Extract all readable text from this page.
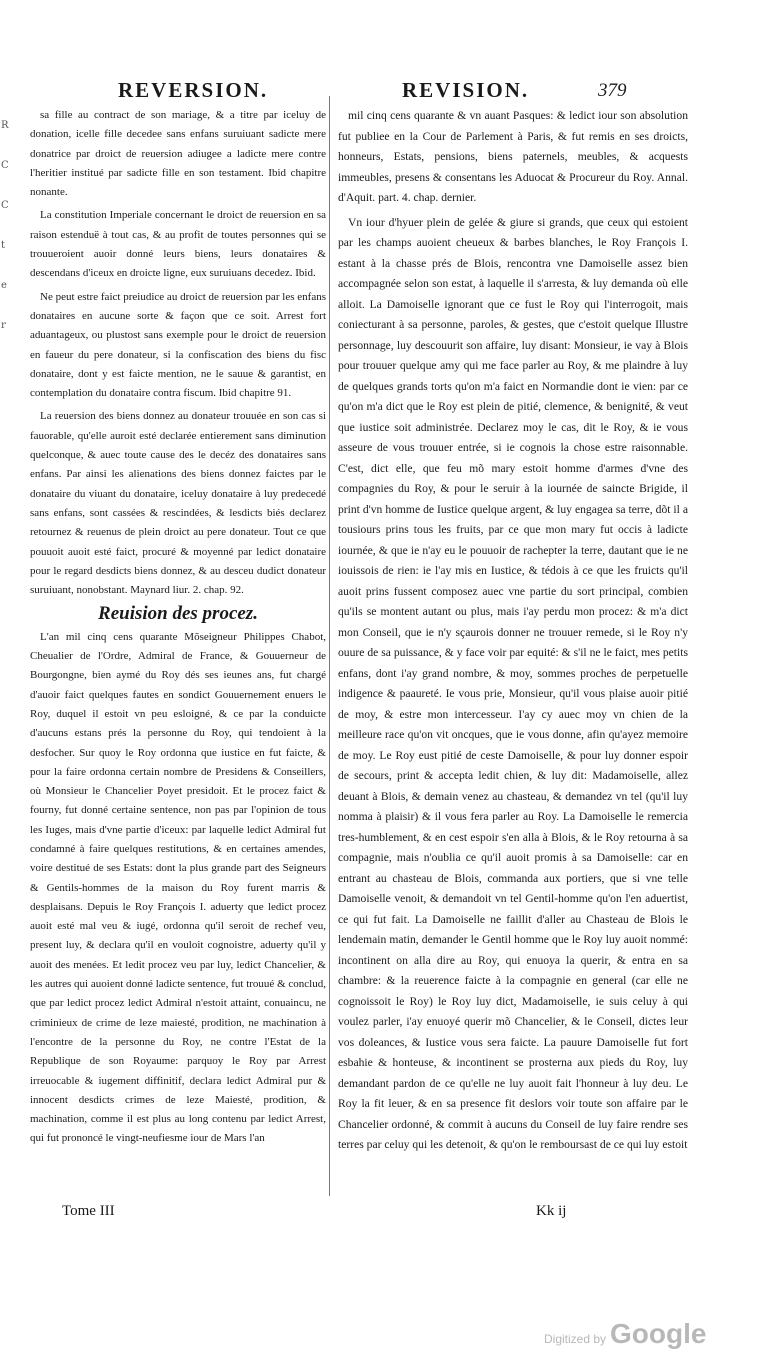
R
C
C
t
e
r
REVERSION.	REVISION.	379

sa fille au contract de son mariage, & a titre par iceluy de donation, icelle fille decedee sans enfans suruiuant sadicte mere donatrice par droict de reuersion adiugee a ladicte mere contre l'heritier institué par sadicte fille en son testament. Ibid chapitre nonante.

La constitution Imperiale concernant le droict de reuersion en sa raison estenduë à tout cas, & au profit de toutes personnes qui se trouueroient auoir donné leurs biens, leurs donataires & descendans d'iceux en droicte ligne, eux suruiuans decedez. Ibid.

Ne peut estre faict preiudice au droict de reuersion par les enfans donataires en aucune sorte & façon que ce soit. Arrest fort aduantageux, ou plustost sans exemple pour le droict de reuersion en faueur du pere donateur, si la confiscation des biens du fisc donataire, dont y est faicte mention, ne le sauue & garantist, en contemplation du donataire contra fiscum. Ibid chapitre 91.

La reuersion des biens donnez au donateur trouuée en son cas si fauorable, qu'elle auroit esté declarée entierement sans diminution quelconque, & auec toute cause des le decéz des donataires sans enfans. Par ainsi les alienations des biens donnez faictes par le donataire du viuant du donataire, iceluy donataire à luy predecedé sans enfans, sont cassées & rescindées, & lesdicts biés declarez retournez & reuenus de plein droict au pere donateur. Tout ce que pouuoit auoit esté faict, procuré & moyenné par ledict donataire pour le regard desdicts biens donnez, & au desceu dudict donateur suruiuant, nonobstant. Maynard liur. 2. chap. 92.

Reuision des procez.

L'an mil cinq cens quarante Mõseigneur Philippes Chabot, Cheualier de l'Ordre, Admiral de France, & Gouuerneur de Bourgongne, bien aymé du Roy dés ses ieunes ans, fut chargé d'auoir faict quelques fautes en sondict Gouuernement enuers le Roy, duquel il estoit vn peu esloigné, & ce par la conduicte d'aucuns estans prés la personne du Roy, qui tendoient à la desfocher. Sur quoy le Roy ordonna que iustice en fut faicte, & pour la faire ordonna certain nombre de Presidens & Conseillers, où Monsieur le Chancelier Poyet presidoit. Et le procez faict & fourny, fut donné certaine sentence, non pas par l'opinion de tous les Iuges, mais d'vne partie d'iceux: par laquelle ledict Admiral fut condamné à faire quelques restitutions, & en certaines amendes, voire destitué de ses Estats: dont la plus grande part des Seigneurs & Gentils-hommes de la maison du Roy furent marris & desplaisans. Depuis le Roy François I. aduerty que ledict procez auoit esté mal veu & iugé, ordonna qu'il seroit de rechef veu, present luy, & declara qu'il en vouloit cognoistre, aduerty qu'il y auoit des menées. Et ledit procez veu par luy, ledict Chancelier, & les autres qui auoient donné ladicte sentence, fut trouué & conclud, que par ledict procez ledict Admiral n'estoit attaint, conuaincu, ne criminieux de crime de leze maiesté, prodition, ne machination à l'encontre de la personne du Roy, ne contre l'Estat de la Republique de son Royaume: parquoy le Roy par Arrest irreuocable & iugement diffinitif, declara ledict Admiral pur & innocent desdicts crimes de leze Maiesté, prodition, & machination, comme il est plus au long contenu par ledict Arrest, qui fut prononcé le vingt-neufiesme iour de Mars l'an

mil cinq cens quarante & vn auant Pasques: & ledict iour son absolution fut publiee en la Cour de Parlement à Paris, & fut remis en ses droicts, honneurs, Estats, pensions, biens paternels, meubles, & acquests immeubles, presens & consentans les Aduocat & Procureur du Roy. Annal. d'Aquit. part. 4. chap. dernier.

Vn iour d'hyuer plein de gelée & giure si grands, que ceux qui estoient par les champs auoient cheueux & barbes blanches, le Roy François I. estant à la chasse prés de Blois, rencontra vne Damoiselle assez bien accompagnée selon son estat, à laquelle il s'arresta, & luy demanda où elle alloit. La Damoiselle ignorant que ce fust le Roy qui l'interrogoit, mais coniecturant à sa personne, paroles, & gestes, que c'estoit quelque Illustre personnage, luy descouurit son affaire, luy disant: Monsieur, ie vay à Blois pour trouuer quelque amy qui me face parler au Roy, & me plaindre à luy de quelques grands torts qu'on m'a faict en Normandie dont ie vien: par ce qu'on m'a dict que le Roy est plein de pitié, clemence, & benignité, & veut que iustice soit administrée. Declarez moy le cas, dit le Roy, & ie vous asseure de vous trouuer entrée, si ie cognois la chose estre raisonnable. C'est, dict elle, que feu mõ mary estoit homme d'armes d'vne des compagnies du Roy, & pour le seruir à la iournée de saincte Brigide, il print d'vn homme de Iustice quelque argent, & luy engagea sa terre, dõt il a tousiours prins tous les fruits, par ce que mon mary fut occis à ladicte iournée, & que ie n'ay eu le pouuoir de rachepter la terre, dautant que ie ne iouissois de rien: ie l'ay mis en Iustice, & tédois à ce que les fruicts qu'il auoit prins fussent composez auec vne partie du sort principal, combien qu'ils se montent autant ou plus, mais i'ay perdu mon procez: & m'a dict mon Conseil, que ie n'y sçaurois donner ne trouuer remede, si le Roy n'y ouure de sa puissance, & y face voir par equité: & s'il ne le faict, mes petits enfans, dont i'ay grand nombre, & moy, sommes proches de perpetuelle indigence & paaureté. Ie vous prie, Monsieur, qu'il vous plaise auoir pitié de moy, & estre mon intercesseur. I'ay cy auec moy vn chien de la meilleure race qu'on vit oncques, que ie vous donne, afin qu'ayez memoire de moy. Le Roy eust pitié de ceste Damoiselle, & pour luy donner espoir de secours, print & accepta ledit chien, & luy dit: Madamoiselle, allez deuant à Blois, & demain venez au chasteau, & demandez vn tel (qu'il luy nomma à plaisir) & il vous fera parler au Roy. La Damoiselle le remercia tres-humblement, & en cest espoir s'en alla à Blois, & le Roy retourna à sa compagnie, mais n'oublia ce qu'il auoit promis à sa Damoiselle: car en entrant au chasteau de Blois, commanda aux portiers, que si vne telle Damoiselle venoit, & demandoit vn tel Gentil-homme qu'on l'en aduertist, ce qui fut fait. La Damoiselle ne faillit d'aller au Chasteau de Blois le lendemain matin, demander le Gentil homme que le Roy luy auoit nommé: incontinent on alla dire au Roy, qui enuoya la querir, & entra en sa chambre: & la reuerence faicte à la compagnie en general (car elle ne cognoissoit le Roy) le Roy luy dict, Madamoiselle, ie suis celuy à qui voulez parler, i'ay enuoyé querir mõ Chancelier, & le Conseil, dictes leur vos doleances, & Iustice vous sera faicte. La pauure Damoiselle fut fort esbahie & honteuse, & incontinent se prosterna aux pieds du Roy, luy demandant pardon de ce qu'elle ne luy auoit fait l'honneur à luy deu. Le Roy la fit leuer, & en sa presence fit deslors voir toute son affaire par le Chancelier ordonné, & commit à aucuns du Conseil de luy faire rendre ses terres par celuy qui les detenoit, & qu'on le remboursast de ce qui luy estoit

Tome III	Kk ij
Digitized by Google
